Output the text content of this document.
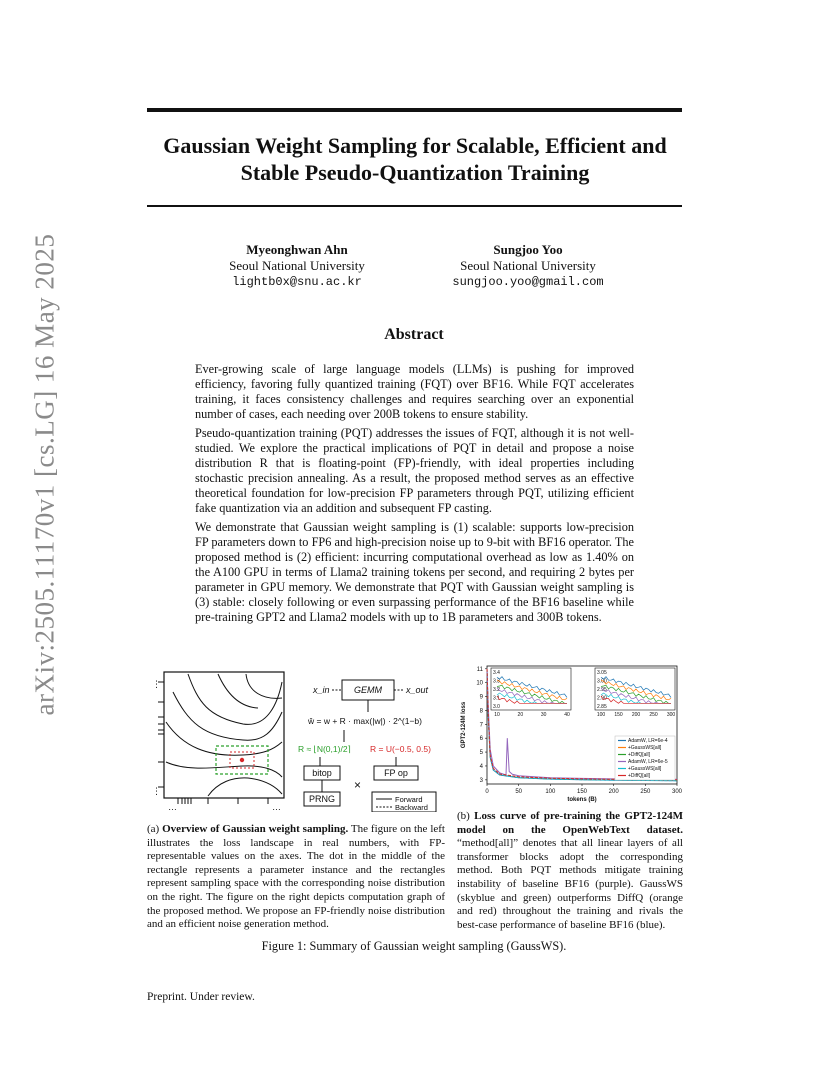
arXiv:2505.11170v1 [cs.LG] 16 May 2025
Gaussian Weight Sampling for Scalable, Efficient and
Stable Pseudo-Quantization Training
Myeonghwan Ahn
Seoul National University
lightb0x@snu.ac.kr
Sungjoo Yoo
Seoul National University
sungjoo.yoo@gmail.com
Abstract

Ever-growing scale of large language models (LLMs) is pushing for improved efficiency, favoring fully quantized training (FQT) over BF16. While FQT accelerates training, it faces consistency challenges and requires searching over an exponential number of cases, each needing over 200B tokens to ensure stability.

Pseudo-quantization training (PQT) addresses the issues of FQT, although it is not well-studied. We explore the practical implications of PQT in detail and propose a noise distribution R that is floating-point (FP)-friendly, with ideal properties including stochastic precision annealing. As a result, the proposed method serves as an effective theoretical foundation for low-precision FP parameters through PQT, utilizing efficient fake quantization via an addition and subsequent FP casting.

We demonstrate that Gaussian weight sampling is (1) scalable: supports low-precision FP parameters down to FP6 and high-precision noise up to 9-bit with BF16 operator. The proposed method is (2) efficient: incurring computational overhead as low as 1.40% on the A100 GPU in terms of Llama2 training tokens per second, and requiring 2 bytes per parameter in GPU memory. We demonstrate that PQT with Gaussian weight sampling is (3) stable: closely following or even surpassing performance of the BF16 baseline while pre-training GPT2 and Llama2 models with up to 1B parameters and 300B tokens.

⋮
⋮
…	…
x_in	GEMM	x_out
ŵ = w + R · max(|w|) · 2^(1−b)
R ≈ ⌊N(0,1)/2⌉ R = U(−0.5, 0.5)
bitop	FP op
×
PRNG	Forward
Backward
0	50	100	150	200	250	300
3
4
5
6
7
8
9
10
11
tokens (B)
GPT2-124M loss	10	20	30	40
3.0
3.1
3.2
3.3
3.4
100 150 200 250 300
2.85
2.90
2.95
3.00
3.05
AdamW, LR=6e-4
+GaussWS[all]
+DiffQ[all]
AdamW, LR=6e-5
+GaussWS[all]
+DiffQ[all]
(a) Overview of Gaussian weight sampling. The figure on the left illustrates the loss landscape in real numbers, with FP-representable values on the axes. The dot in the middle of the rectangle represents a parameter instance and the rectangles represent sampling space with the corresponding noise distribution on the right. The figure on the right depicts computation graph of the proposed method. We propose an FP-friendly noise distribution and an efficient noise generation method.
(b) Loss curve of pre-training the GPT2-124M model on the OpenWebText dataset. “method[all]” denotes that all linear layers of all transformer blocks adopt the corresponding method. Both PQT methods mitigate training instability of baseline BF16 (purple). GaussWS (skyblue and green) outperforms DiffQ (orange and red) throughout the training and rivals the best-case performance of baseline BF16 (blue).
Figure 1: Summary of Gaussian weight sampling (GaussWS).
Preprint. Under review.
